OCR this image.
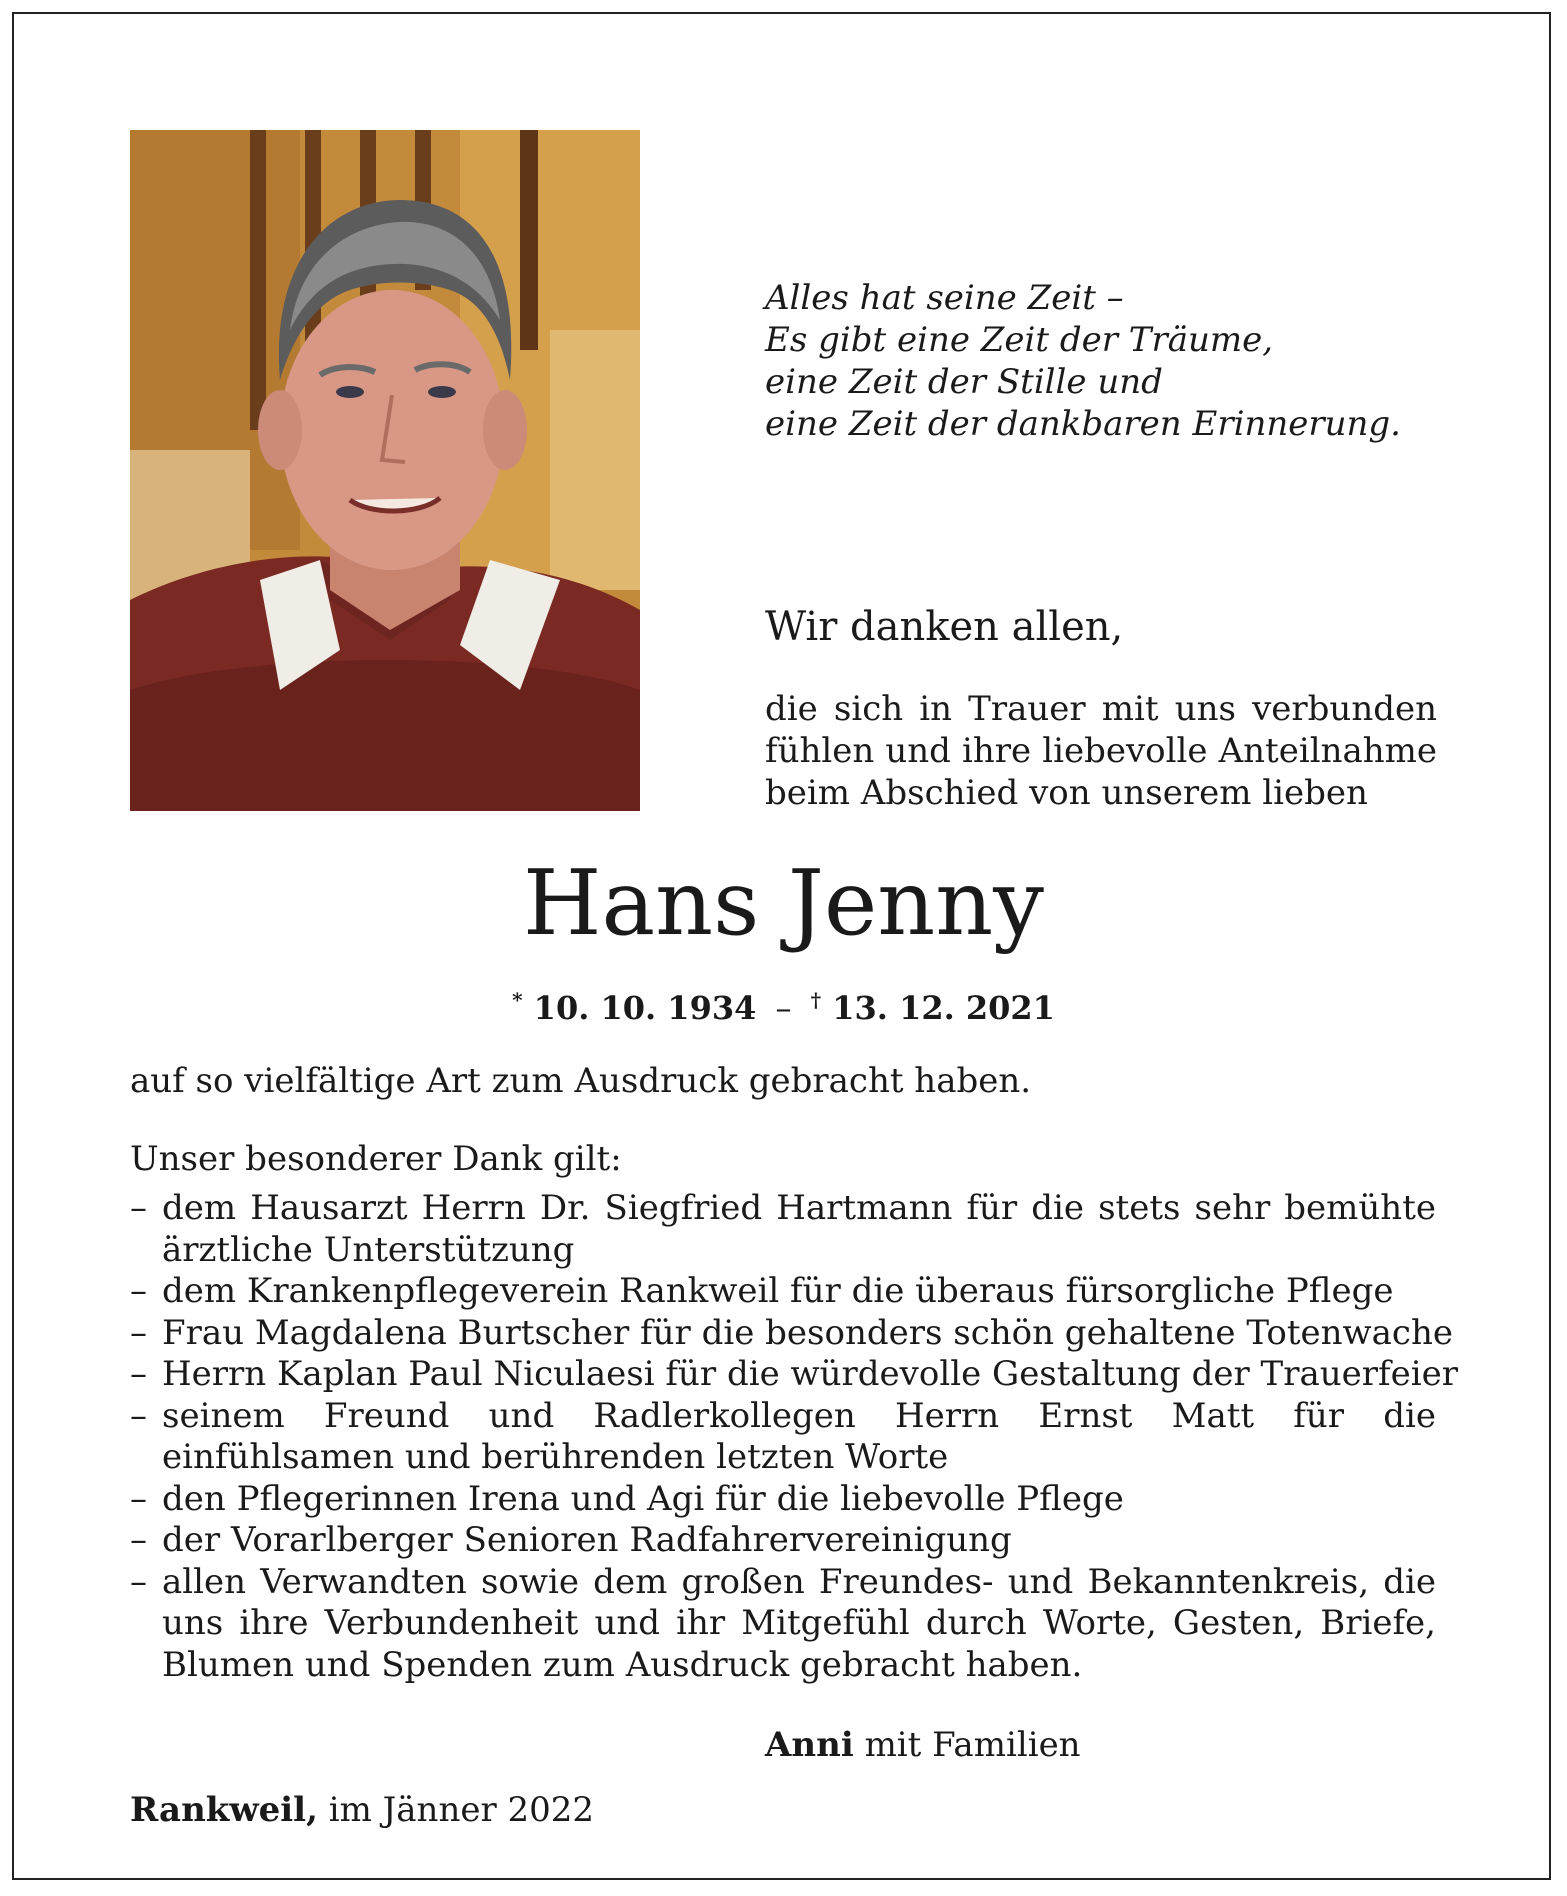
Alles hat seine Zeit –
Es gibt eine Zeit der Träume,
eine Zeit der Stille und
eine Zeit der dankbaren Erinnerung.
Wir danken allen,
die sich in Trauer mit uns verbunden
fühlen und ihre liebevolle Anteilnahme
beim Abschied von unserem lieben
Hans Jenny
* 10. 10. 1934 – † 13. 12. 2021
auf so vielfältige Art zum Ausdruck gebracht haben.
Unser besonderer Dank gilt:
– dem Hausarzt Herrn Dr. Siegfried Hartmann für die stets sehr bemühte ärztliche Unterstützung
– dem Krankenpflegeverein Rankweil für die überaus fürsorgliche Pflege
– Frau Magdalena Burtscher für die besonders schön gehaltene Totenwache
– Herrn Kaplan Paul Niculaesi für die würdevolle Gestaltung der Trauerfeier
– seinem Freund und Radlerkollegen Herrn Ernst Matt für die einfühlsamen und berührenden letzten Worte
– den Pflegerinnen Irena und Agi für die liebevolle Pflege
– der Vorarlberger Senioren Radfahrervereinigung
– allen Verwandten sowie dem großen Freundes- und Bekanntenkreis, die uns ihre Verbundenheit und ihr Mitgefühl durch Worte, Gesten, Briefe, Blumen und Spenden zum Ausdruck gebracht haben.
Anni mit Familien
Rankweil, im Jänner 2022
